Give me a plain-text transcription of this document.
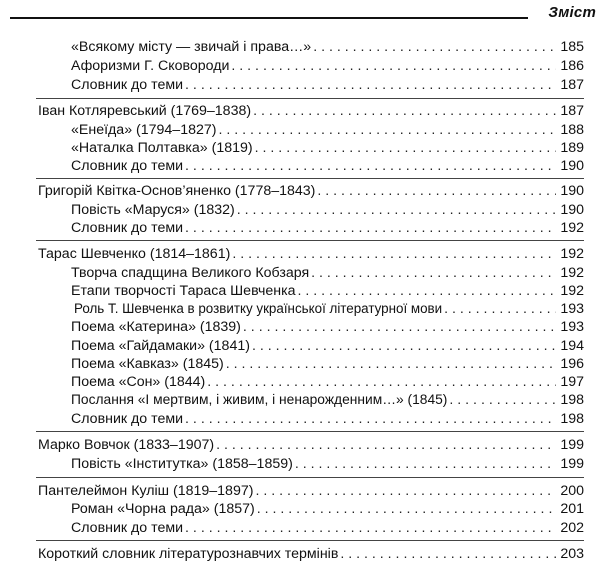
Зміст
«Всякому місту — звичай і права…» . . .	185
Афоризми Г. Сковороди . . .	186
Словник до теми . . .	187
Іван Котляревський (1769–1838) . . .	187
«Енеїда» (1794–1827) . . .	188
«Наталка Полтавка» (1819) . . .	189
Словник до теми . . .	190
Григорій Квітка-Основ’яненко (1778–1843) . . .	190
Повість «Маруся» (1832) . . .	190
Словник до теми . . .	192
Тарас Шевченко (1814–1861) . . .	192
Творча спадщина Великого Кобзаря . . .	192
Етапи творчості Тараса Шевченка . . .	192
Роль Т. Шевченка в розвитку української літературної мови . . .	193
Поема «Катерина» (1839) . . .	193
Поема «Гайдамаки» (1841) . . .	194
Поема «Кавказ» (1845) . . .	196
Поема «Сон» (1844) . . .	197
Послання «І мертвим, і живим, і ненарожденним…» (1845) . . .	198
Словник до теми . . .	198
Марко Вовчок (1833–1907) . . .	199
Повість «Інститутка» (1858–1859) . . .	199
Пантелеймон Куліш (1819–1897) . . .	200
Роман «Чорна рада» (1857) . . .	201
Словник до теми . . .	202
Короткий словник літературознавчих термінів . . .	203
